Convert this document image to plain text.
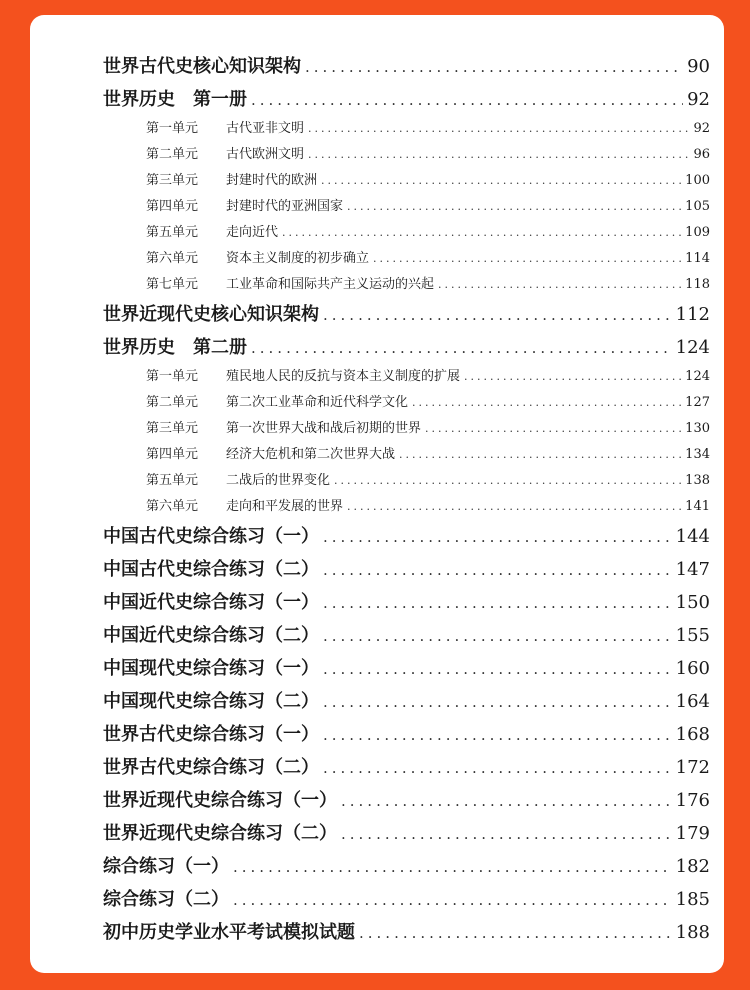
世界古代史核心知识架构 .....	90
世界历史　第一册 .....	92
第一单元 古代亚非文明 .....	92
第二单元 古代欧洲文明 .....	96
第三单元 封建时代的欧洲 .....	100
第四单元 封建时代的亚洲国家 .....	105
第五单元 走向近代 .....	109
第六单元 资本主义制度的初步确立 .....	114
第七单元 工业革命和国际共产主义运动的兴起 .....	118
世界近现代史核心知识架构 .....	112
世界历史　第二册 .....	124
第一单元 殖民地人民的反抗与资本主义制度的扩展 .....	124
第二单元 第二次工业革命和近代科学文化 .....	127
第三单元 第一次世界大战和战后初期的世界 .....	130
第四单元 经济大危机和第二次世界大战 .....	134
第五单元 二战后的世界变化 .....	138
第六单元 走向和平发展的世界 .....	141
中国古代史综合练习（一） .....	144
中国古代史综合练习（二） .....	147
中国近代史综合练习（一） .....	150
中国近代史综合练习（二） .....	155
中国现代史综合练习（一） .....	160
中国现代史综合练习（二） .....	164
世界古代史综合练习（一） .....	168
世界古代史综合练习（二） .....	172
世界近现代史综合练习（一） .....	176
世界近现代史综合练习（二） .....	179
综合练习（一） .....	182
综合练习（二） .....	185
初中历史学业水平考试模拟试题 .....	188
